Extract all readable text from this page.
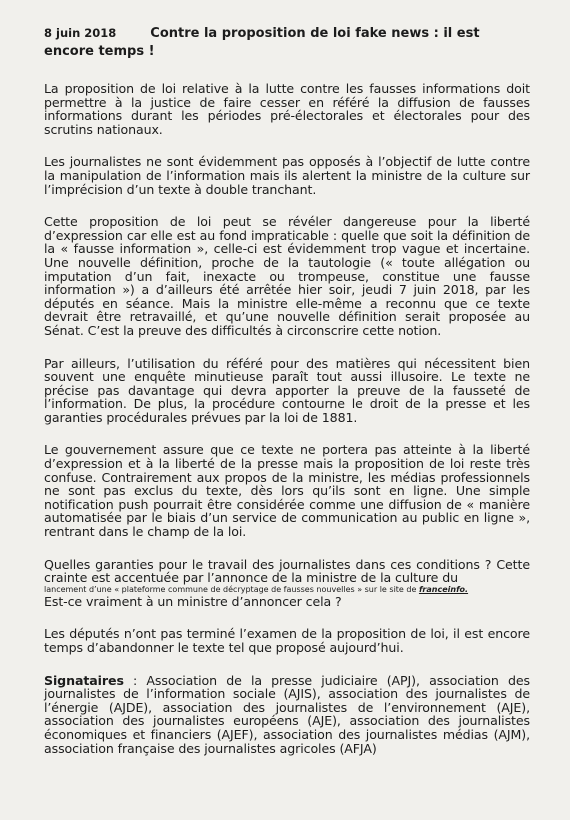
8 juin 2018	Contre la proposition de loi fake news : il est encore temps !

La proposition de loi relative à la lutte contre les fausses informations doit permettre à la justice de faire cesser en référé la diffusion de fausses informations durant les périodes pré-électorales et électorales pour des scrutins nationaux.

Les journalistes ne sont évidemment pas opposés à l’objectif de lutte contre la manipulation de l’information mais ils alertent la ministre de la culture sur l’imprécision d’un texte à double tranchant.

Cette proposition de loi peut se révéler dangereuse pour la liberté d’expression car elle est au fond impraticable : quelle que soit la définition de la « fausse information », celle-ci est évidemment trop vague et incertaine. Une nouvelle définition, proche de la tautologie (« toute allégation ou imputation d’un fait, inexacte ou trompeuse, constitue une fausse information ») a d’ailleurs été arrêtée hier soir, jeudi 7 juin 2018, par les députés en séance. Mais la ministre elle-même a reconnu que ce texte devrait être retravaillé, et qu’une nouvelle définition serait proposée au Sénat. C’est la preuve des difficultés à circonscrire cette notion.

Par ailleurs, l’utilisation du référé pour des matières qui nécessitent bien souvent une enquête minutieuse paraît tout aussi illusoire. Le texte ne précise pas davantage qui devra apporter la preuve de la fausseté de l’information. De plus, la procédure contourne le droit de la presse et les garanties procédurales prévues par la loi de 1881.

Le gouvernement assure que ce texte ne portera pas atteinte à la liberté d’expression et à la liberté de la presse mais la proposition de loi reste très confuse. Contrairement aux propos de la ministre, les médias professionnels ne sont pas exclus du texte, dès lors qu’ils sont en ligne. Une simple notification push pourrait être considérée comme une diffusion de « manière automatisée par le biais d’un service de communication au public en ligne », rentrant dans le champ de la loi.

Quelles garanties pour le travail des journalistes dans ces conditions ? Cette crainte est accentuée par l’annonce de la ministre de la culture du
lancement d’une « plateforme commune de décryptage de fausses nouvelles » sur le site de franceinfo.
Est-ce vraiment à un ministre d’annoncer cela ?

Les députés n’ont pas terminé l’examen de la proposition de loi, il est encore temps d’abandonner le texte tel que proposé aujourd’hui.

Signataires : Association de la presse judiciaire (APJ), association des journalistes de l’information sociale (AJIS), association des journalistes de l’énergie (AJDE), association des journalistes de l’environnement (AJE), association des journalistes européens (AJE), association des journalistes économiques et financiers (AJEF), association des journalistes médias (AJM), association française des journalistes agricoles (AFJA)
